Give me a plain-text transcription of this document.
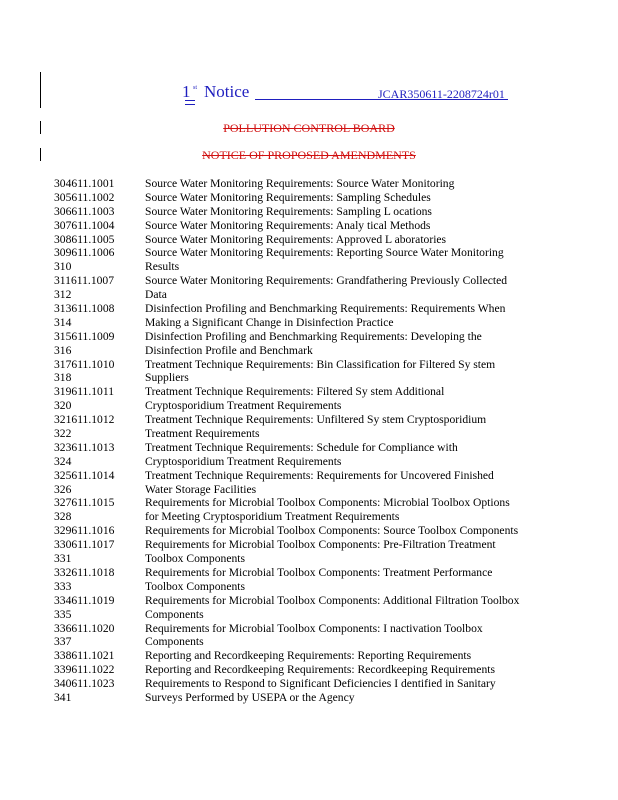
1 st Notice	JCAR350611-2208724r01
POLLUTION CONTROL BOARD
NOTICE OF PROPOSED AMENDMENTS
304611.1001	Source Water Monitoring Requirements: Source Water Monitoring
305611.1002	Source Water Monitoring Requirements: Sampling Schedules
306611.1003	Source Water Monitoring Requirements: Sampling L ocations
307611.1004	Source Water Monitoring Requirements: Analy tical Methods
308611.1005	Source Water Monitoring Requirements: Approved L aboratories
309611.1006	Source Water Monitoring Requirements: Reporting Source Water Monitoring
310	Results
311611.1007	Source Water Monitoring Requirements: Grandfathering Previously Collected
312	Data
313611.1008	Disinfection Profiling and Benchmarking Requirements: Requirements When
314	Making a Significant Change in Disinfection Practice
315611.1009	Disinfection Profiling and Benchmarking Requirements: Developing the
316	Disinfection Profile and Benchmark
317611.1010	Treatment Technique Requirements: Bin Classification for Filtered Sy stem
318	Suppliers
319611.1011	Treatment Technique Requirements: Filtered Sy stem Additional
320	Cryptosporidium Treatment Requirements
321611.1012	Treatment Technique Requirements: Unfiltered Sy stem Cryptosporidium
322	Treatment Requirements
323611.1013	Treatment Technique Requirements: Schedule for Compliance with
324	Cryptosporidium Treatment Requirements
325611.1014	Treatment Technique Requirements: Requirements for Uncovered Finished
326	Water Storage Facilities
327611.1015	Requirements for Microbial Toolbox Components: Microbial Toolbox Options
328	for Meeting Cryptosporidium Treatment Requirements
329611.1016	Requirements for Microbial Toolbox Components: Source Toolbox Components
330611.1017	Requirements for Microbial Toolbox Components: Pre-Filtration Treatment
331	Toolbox Components
332611.1018	Requirements for Microbial Toolbox Components: Treatment Performance
333	Toolbox Components
334611.1019	Requirements for Microbial Toolbox Components: Additional Filtration Toolbox
335	Components
336611.1020	Requirements for Microbial Toolbox Components: I nactivation Toolbox
337	Components
338611.1021	Reporting and Recordkeeping Requirements: Reporting Requirements
339611.1022	Reporting and Recordkeeping Requirements: Recordkeeping Requirements
340611.1023	Requirements to Respond to Significant Deficiencies I dentified in Sanitary
341	Surveys Performed by USEPA or the Agency
